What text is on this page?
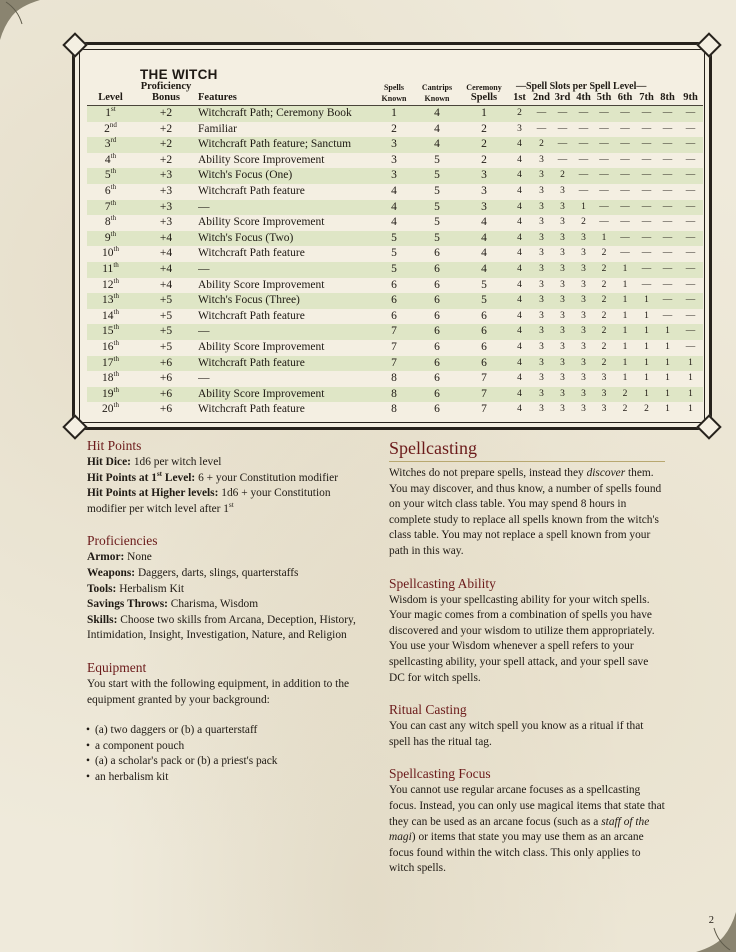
THE WITCH
Level	Proficiency	Features	Spells	Cantrips	Ceremony	—Spell Slots per Spell Level—								
	Bonus		Known	Known	Spells	1st	2nd	3rd	4th	5th	6th	7th	8th	9th
1st	+2	Witchcraft Path; Ceremony Book	1	4	1	2	—	—	—	—	—	—	—	—
2nd	+2	Familiar	2	4	2	3	—	—	—	—	—	—	—	—
3rd	+2	Witchcraft Path feature; Sanctum	3	4	2	4	2	—	—	—	—	—	—	—
4th	+2	Ability Score Improvement	3	5	2	4	3	—	—	—	—	—	—	—
5th	+3	Witch's Focus (One)	3	5	3	4	3	2	—	—	—	—	—	—
6th	+3	Witchcraft Path feature	4	5	3	4	3	3	—	—	—	—	—	—
7th	+3	—	4	5	3	4	3	3	1	—	—	—	—	—
8th	+3	Ability Score Improvement	4	5	4	4	3	3	2	—	—	—	—	—
9th	+4	Witch's Focus (Two)	5	5	4	4	3	3	3	1	—	—	—	—
10th	+4	Witchcraft Path feature	5	6	4	4	3	3	3	2	—	—	—	—
11th	+4	—	5	6	4	4	3	3	3	2	1	—	—	—
12th	+4	Ability Score Improvement	6	6	5	4	3	3	3	2	1	—	—	—
13th	+5	Witch's Focus (Three)	6	6	5	4	3	3	3	2	1	1	—	—
14th	+5	Witchcraft Path feature	6	6	6	4	3	3	3	2	1	1	—	—
15th	+5	—	7	6	6	4	3	3	3	2	1	1	1	—
16th	+5	Ability Score Improvement	7	6	6	4	3	3	3	2	1	1	1	—
17th	+6	Witchcraft Path feature	7	6	6	4	3	3	3	2	1	1	1	1
18th	+6	—	8	6	7	4	3	3	3	3	1	1	1	1
19th	+6	Ability Score Improvement	8	6	7	4	3	3	3	3	2	1	1	1
20th	+6	Witchcraft Path feature	8	6	7	4	3	3	3	3	2	2	1	1
Hit Points

Hit Dice: 1d6 per witch level

Hit Points at 1st Level: 6 + your Constitution modifier

Hit Points at Higher levels: 1d6 + your Constitution modifier per witch level after 1st

Proficiencies

Armor: None

Weapons: Daggers, darts, slings, quarterstaffs

Tools: Herbalism Kit

Savings Throws: Charisma, Wisdom

Skills: Choose two skills from Arcana, Deception, History, Intimidation, Insight, Investigation, Nature, and Religion

Equipment

You start with the following equipment, in addition to the equipment granted by your background:

• (a) two daggers or (b) a quarterstaff
• a component pouch
• (a) a scholar's pack or (b) a priest's pack
• an herbalism kit
Spellcasting

Witches do not prepare spells, instead they discover them. You may discover, and thus know, a number of spells found on your witch class table. You may spend 8 hours in complete study to replace all spells known from the witch's class table. You may not replace a spell known from your path in this way.

Spellcasting Ability

Wisdom is your spellcasting ability for your witch spells. Your magic comes from a combination of spells you have discovered and your wisdom to utilize them appropriately. You use your Wisdom whenever a spell refers to your spellcasting ability, your spell attack, and your spell save DC for witch spells.

Ritual Casting

You can cast any witch spell you know as a ritual if that spell has the ritual tag.

Spellcasting Focus

You cannot use regular arcane focuses as a spellcasting focus. Instead, you can only use magical items that state that they can be used as an arcane focus (such as a staff of the magi) or items that state you may use them as an arcane focus found within the witch class. This only applies to witch spells.

2
